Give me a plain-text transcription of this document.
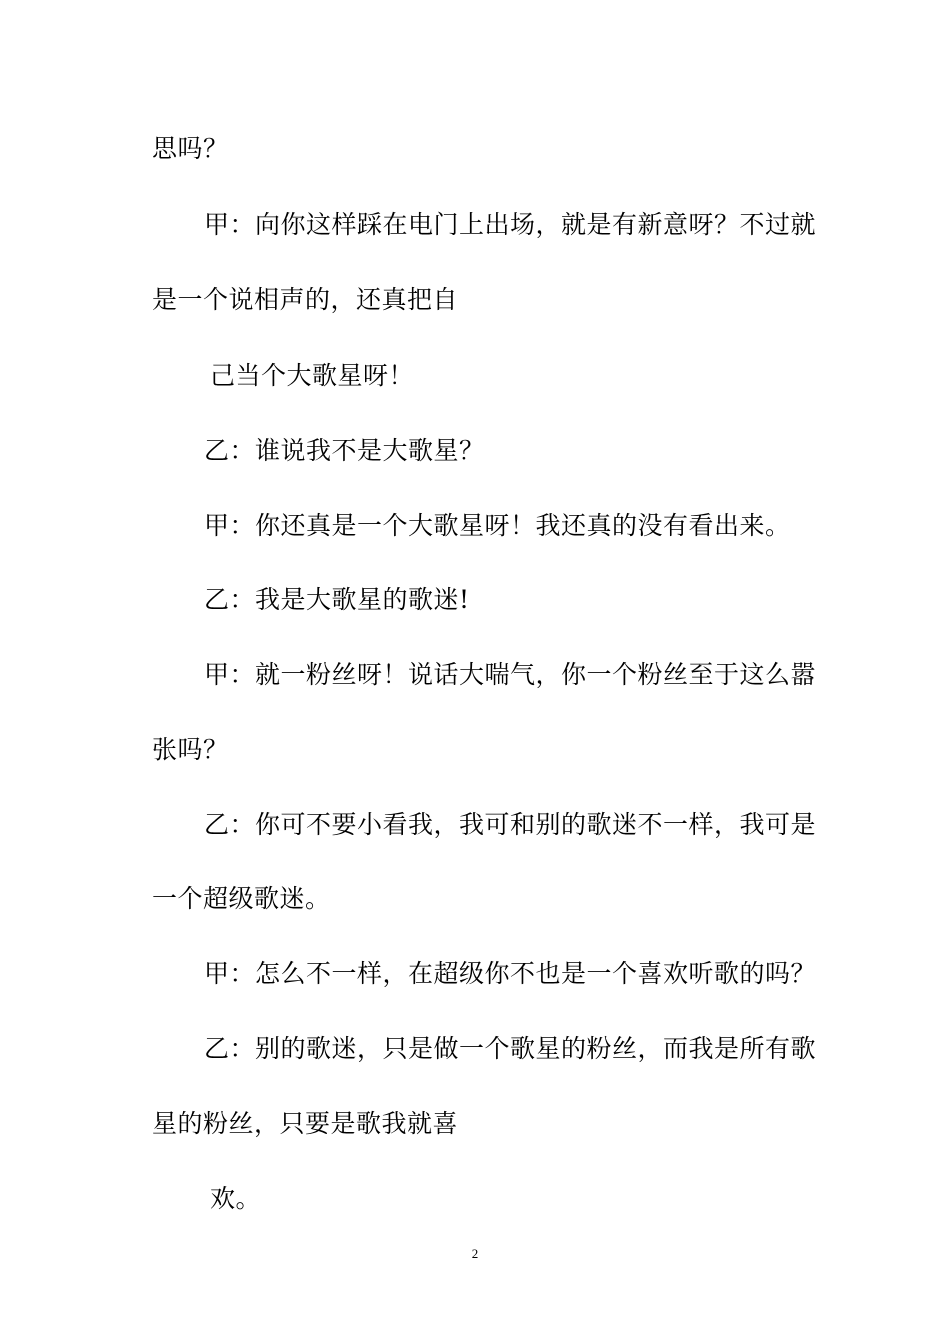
思吗？
甲：向你这样踩在电门上出场，就是有新意呀？不过就
是一个说相声的，还真把自
己当个大歌星呀！
乙：谁说我不是大歌星？
甲：你还真是一个大歌星呀！我还真的没有看出来。
乙：我是大歌星的歌迷!
甲：就一粉丝呀！说话大喘气，你一个粉丝至于这么嚣
张吗？
乙：你可不要小看我，我可和别的歌迷不一样，我可是
一个超级歌迷。
甲：怎么不一样，在超级你不也是一个喜欢听歌的吗？
乙：别的歌迷，只是做一个歌星的粉丝，而我是所有歌
星的粉丝，只要是歌我就喜
欢。
2
